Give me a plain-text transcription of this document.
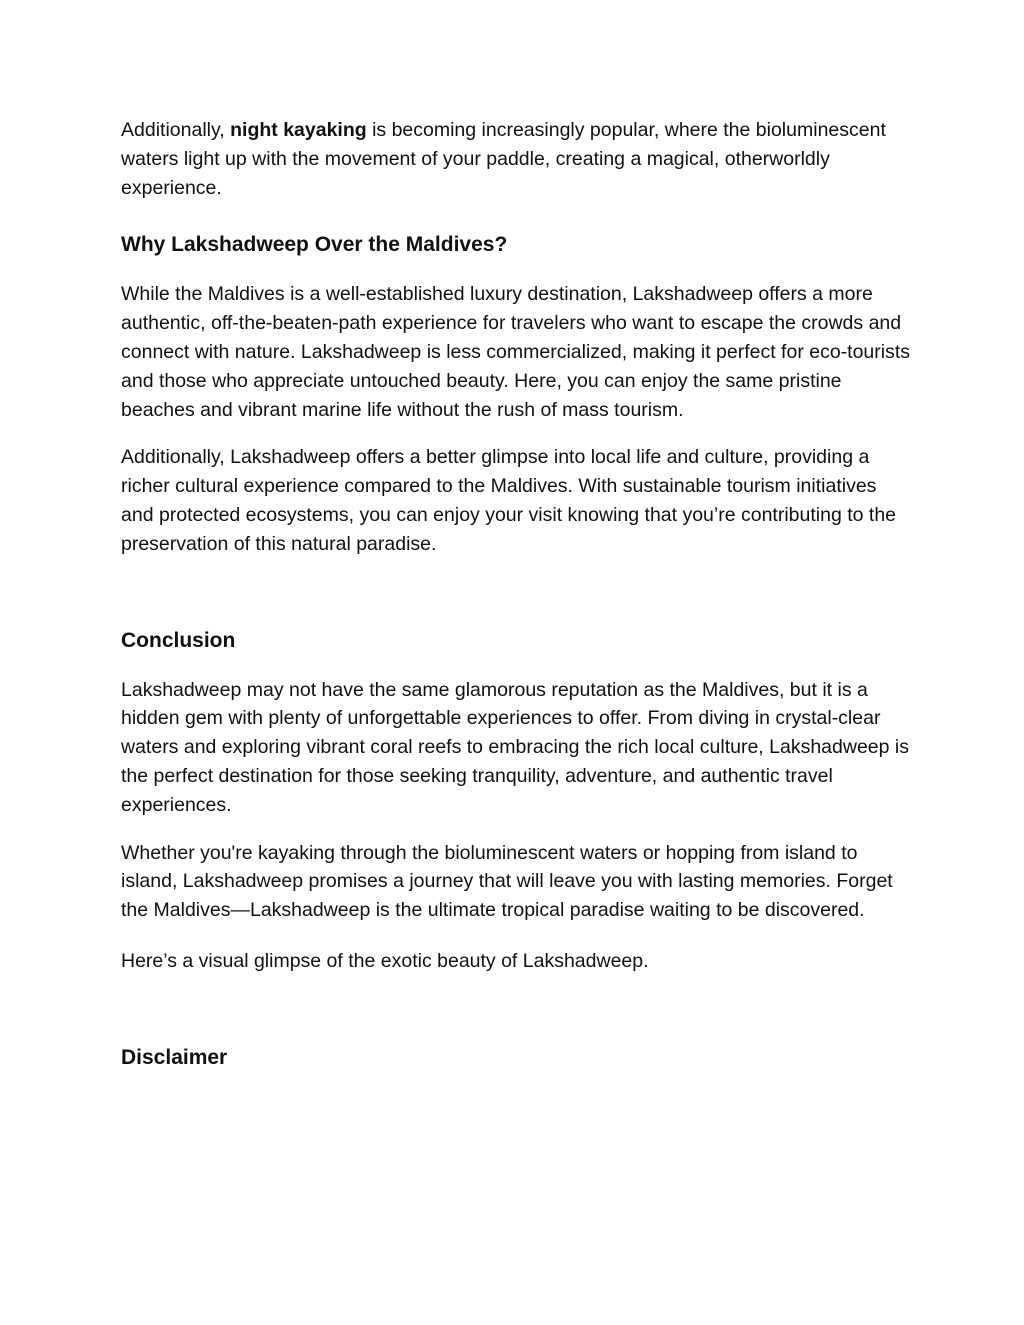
Additionally, night kayaking is becoming increasingly popular, where the bioluminescent waters light up with the movement of your paddle, creating a magical, otherworldly experience.

Why Lakshadweep Over the Maldives?

While the Maldives is a well-established luxury destination, Lakshadweep offers a more authentic, off-the-beaten-path experience for travelers who want to escape the crowds and connect with nature. Lakshadweep is less commercialized, making it perfect for eco-tourists and those who appreciate untouched beauty. Here, you can enjoy the same pristine beaches and vibrant marine life without the rush of mass tourism.

Additionally, Lakshadweep offers a better glimpse into local life and culture, providing a richer cultural experience compared to the Maldives. With sustainable tourism initiatives and protected ecosystems, you can enjoy your visit knowing that you’re contributing to the preservation of this natural paradise.

Conclusion

Lakshadweep may not have the same glamorous reputation as the Maldives, but it is a hidden gem with plenty of unforgettable experiences to offer. From diving in crystal-clear waters and exploring vibrant coral reefs to embracing the rich local culture, Lakshadweep is the perfect destination for those seeking tranquility, adventure, and authentic travel experiences.

Whether you're kayaking through the bioluminescent waters or hopping from island to island, Lakshadweep promises a journey that will leave you with lasting memories. Forget the Maldives—Lakshadweep is the ultimate tropical paradise waiting to be discovered.

Here’s a visual glimpse of the exotic beauty of Lakshadweep.

Disclaimer
